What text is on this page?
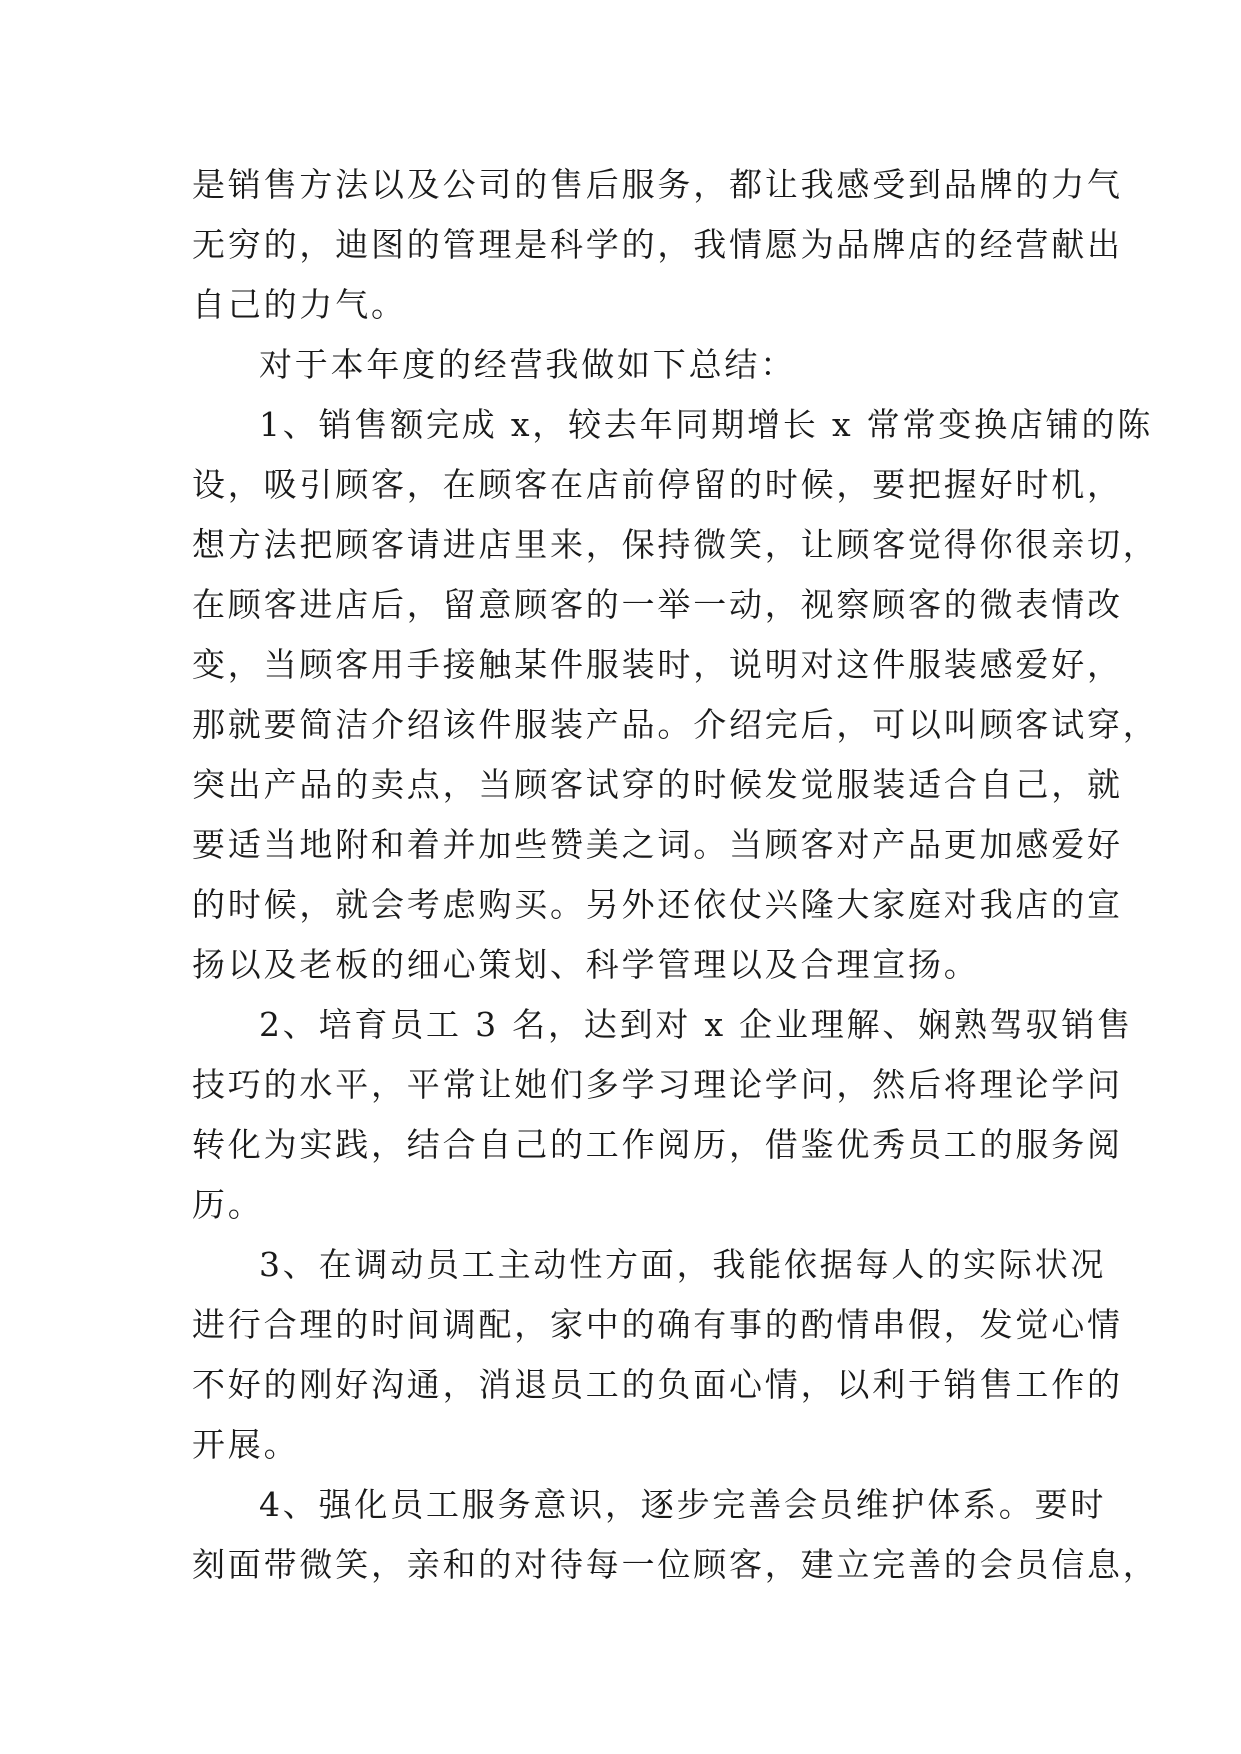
是销售方法以及公司的售后服务，都让我感受到品牌的力气
无穷的，迪图的管理是科学的，我情愿为品牌店的经营献出
自己的力气。
对于本年度的经营我做如下总结：
1、销售额完成 x，较去年同期增长 x 常常变换店铺的陈
设，吸引顾客，在顾客在店前停留的时候，要把握好时机，
想方法把顾客请进店里来，保持微笑，让顾客觉得你很亲切，
在顾客进店后，留意顾客的一举一动，视察顾客的微表情改
变，当顾客用手接触某件服装时，说明对这件服装感爱好，
那就要简洁介绍该件服装产品。介绍完后，可以叫顾客试穿，
突出产品的卖点，当顾客试穿的时候发觉服装适合自己，就
要适当地附和着并加些赞美之词。当顾客对产品更加感爱好
的时候，就会考虑购买。另外还依仗兴隆大家庭对我店的宣
扬以及老板的细心策划、科学管理以及合理宣扬。
2、培育员工 3 名，达到对 x 企业理解、娴熟驾驭销售
技巧的水平，平常让她们多学习理论学问，然后将理论学问
转化为实践，结合自己的工作阅历，借鉴优秀员工的服务阅
历。
3、在调动员工主动性方面，我能依据每人的实际状况
进行合理的时间调配，家中的确有事的酌情串假，发觉心情
不好的刚好沟通，消退员工的负面心情，以利于销售工作的
开展。
4、强化员工服务意识，逐步完善会员维护体系。要时
刻面带微笑，亲和的对待每一位顾客，建立完善的会员信息，
